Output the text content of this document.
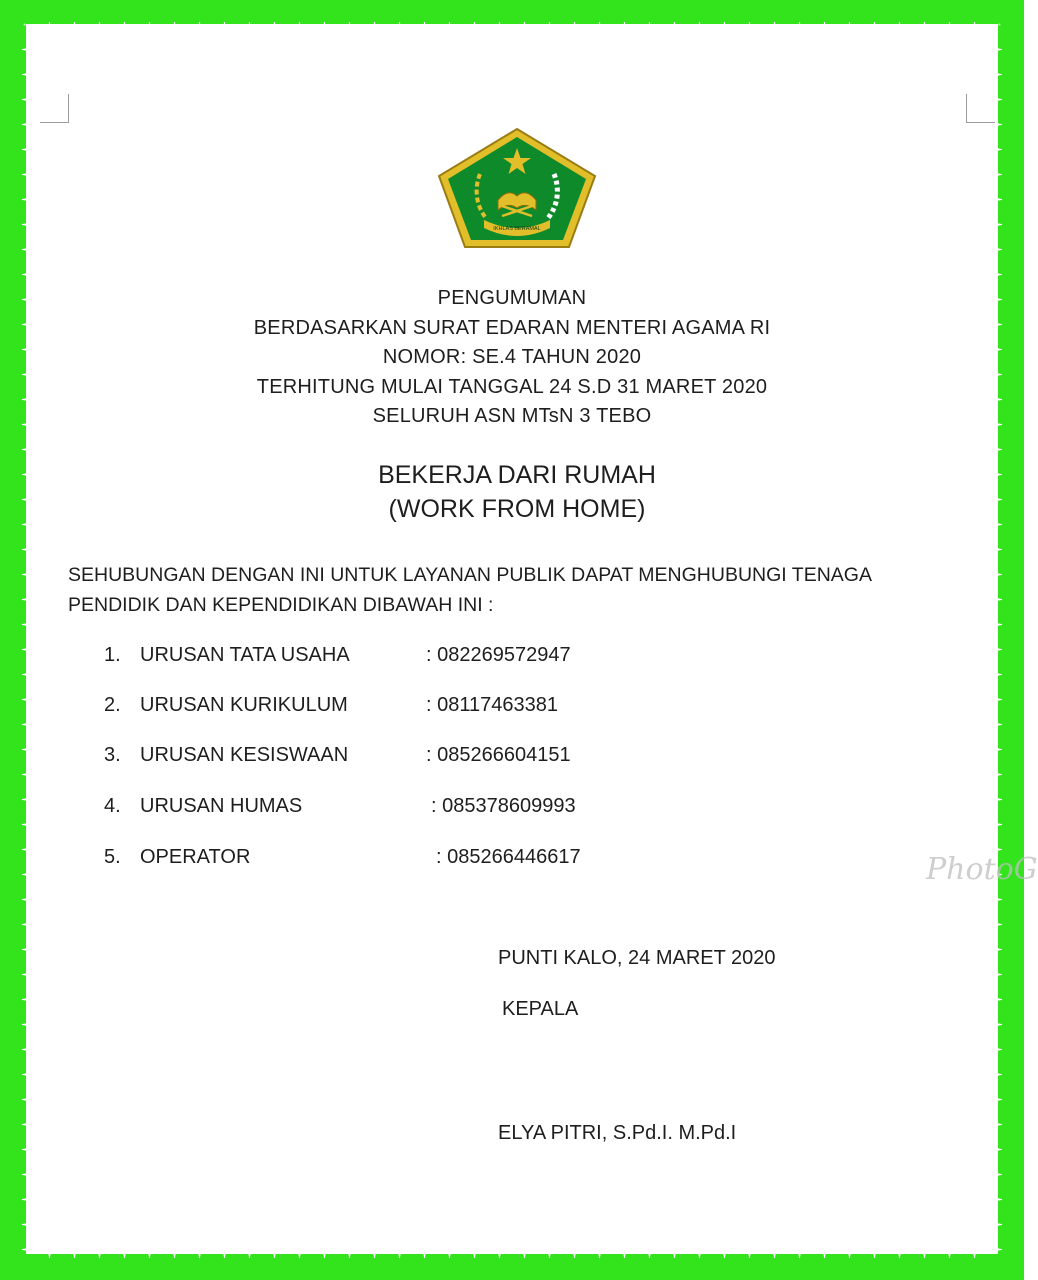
IKHLAS BERAMAL
PENGUMUMAN
BERDASARKAN SURAT EDARAN MENTERI AGAMA RI
NOMOR: SE.4 TAHUN 2020
TERHITUNG MULAI TANGGAL 24 S.D 31 MARET 2020
SELURUH ASN MTsN 3 TEBO
BEKERJA DARI RUMAH
(WORK FROM HOME)
SEHUBUNGAN DENGAN INI UNTUK LAYANAN PUBLIK DAPAT MENGHUBUNGI TENAGA
PENDIDIK DAN KEPENDIDIKAN DIBAWAH INI :
1. URUSAN TATA USAHA	: 082269572947
2. URUSAN KURIKULUM	: 08117463381
3. URUSAN KESISWAAN	: 085266604151
4. URUSAN HUMAS	: 085378609993
5. OPERATOR	: 085266446617
PUNTI KALO, 24 MARET 2020
KEPALA
ELYA PITRI, S.Pd.I. M.Pd.I
PhotoG
